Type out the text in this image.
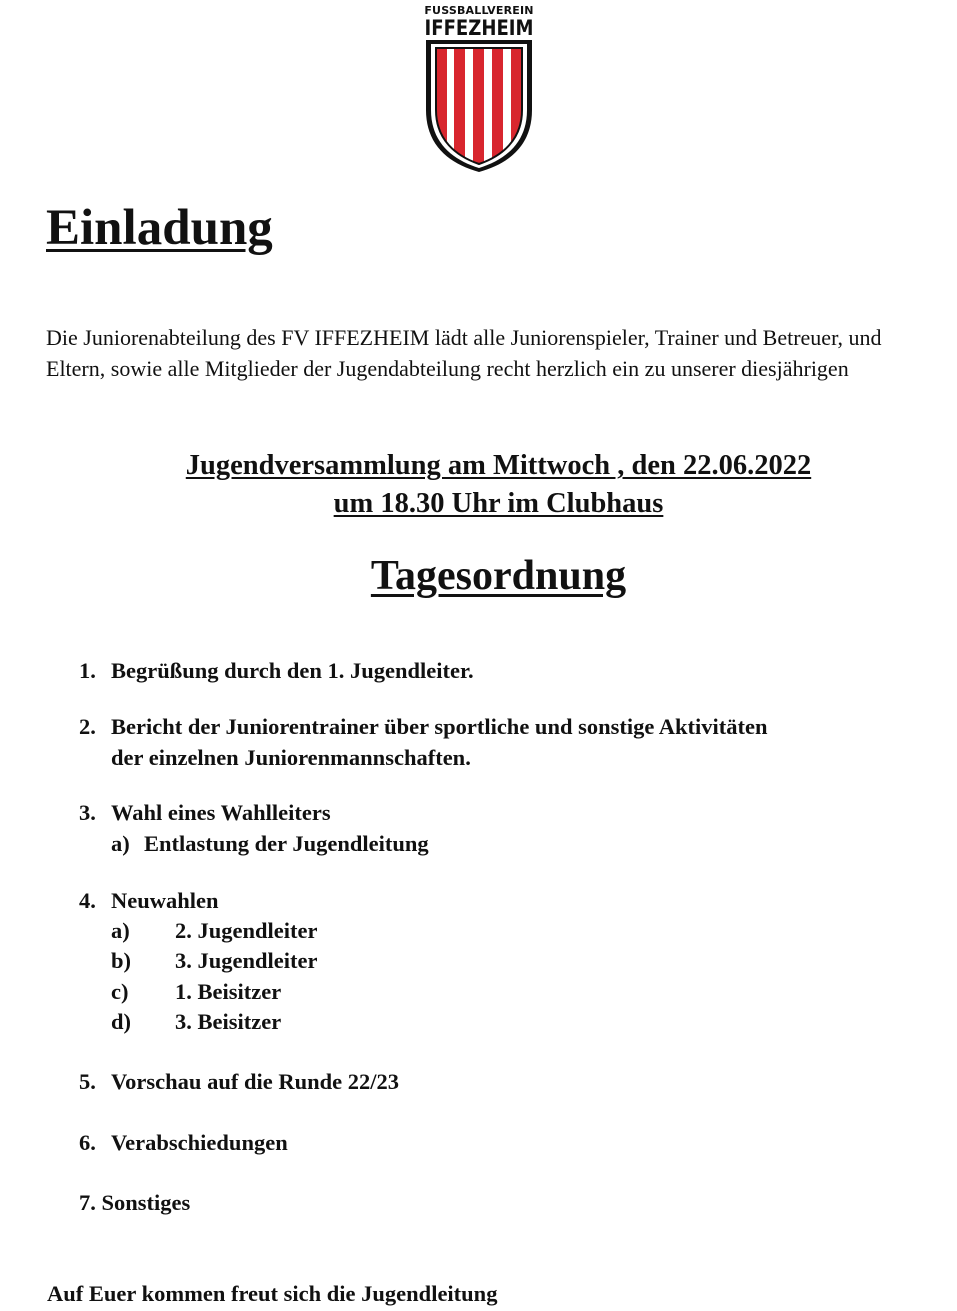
FUSSBALLVEREIN
IFFEZHEIM
Einladung

Die Juniorenabteilung des FV IFFEZHEIM lädt alle Juniorenspieler, Trainer und Betreuer, und Eltern, sowie alle Mitglieder der Jugendabteilung recht herzlich ein zu unserer diesjährigen

Jugendversammlung am Mittwoch , den 22.06.2022
um 18.30 Uhr im Clubhaus

Tagesordnung
1. Begrüßung durch den 1. Jugendleiter.
2. Bericht der Juniorentrainer über sportliche und sonstige Aktivitäten
der einzelnen Juniorenmannschaften.
3. Wahl eines Wahlleiters
a) Entlastung der Jugendleitung
4. Neuwahlen
a) 2. Jugendleiter
b) 3. Jugendleiter
c) 1. Beisitzer
d) 3. Beisitzer
5. Vorschau auf die Runde 22/23
6. Verabschiedungen
7. Sonstiges

Auf Euer kommen freut sich die Jugendleitung
